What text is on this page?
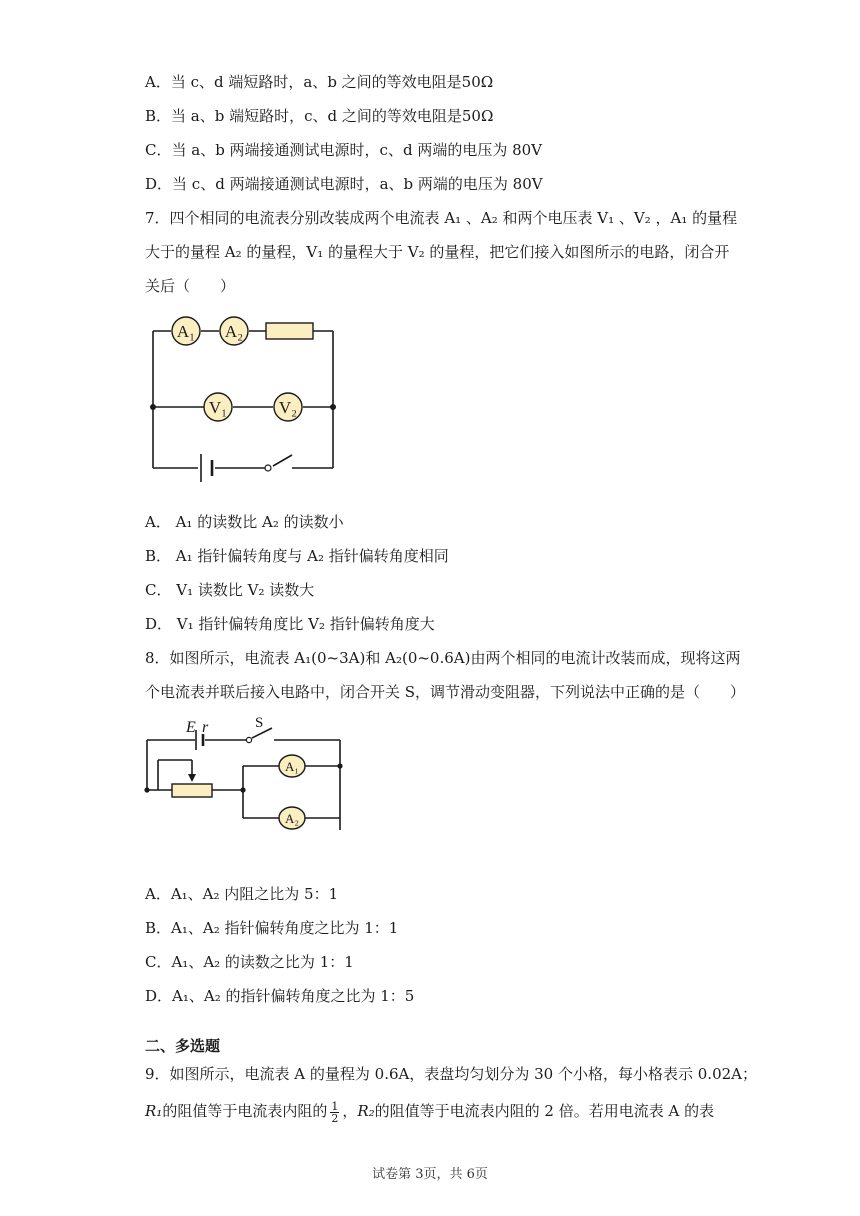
A．当 c、d 端短路时，a、b 之间的等效电阻是50Ω
B．当 a、b 端短路时，c、d 之间的等效电阻是50Ω
C．当 a、b 两端接通测试电源时，c、d 两端的电压为 80V
D．当 c、d 两端接通测试电源时，a、b 两端的电压为 80V
7．四个相同的电流表分别改装成两个电流表 A₁ 、A₂ 和两个电压表 V₁ 、V₂ ，A₁ 的量程
大于的量程 A₂ 的量程，V₁ 的量程大于 V₂ 的量程，把它们接入如图所示的电路，闭合开
关后（　　）
A₁ A₂
V₁	V₂
A． A₁ 的读数比 A₂ 的读数小
B． A₁ 指针偏转角度与 A₂ 指针偏转角度相同
C． V₁ 读数比 V₂ 读数大
D． V₁ 指针偏转角度比 V₂ 指针偏转角度大
8．如图所示，电流表 A₁(0~3A)和 A₂(0~0.6A)由两个相同的电流计改装而成，现将这两
个电流表并联后接入电路中，闭合开关 S，调节滑动变阻器，下列说法中正确的是（　　）
A₁
A₂
E r	S
A．A₁、A₂ 内阻之比为 5：1
B．A₁、A₂ 指针偏转角度之比为 1：1
C．A₁、A₂ 的读数之比为 1：1
D．A₁、A₂ 的指针偏转角度之比为 1：5
二、多选题
9．如图所示，电流表 A 的量程为 0.6A，表盘均匀划分为 30 个小格，每小格表示 0.02A；
R₁的阻值等于电流表内阻的 $\frac{1}{2}$ ，R₂的阻值等于电流表内阻的 2 倍。若用电流表 A 的表
试卷第 3页，共 6页
